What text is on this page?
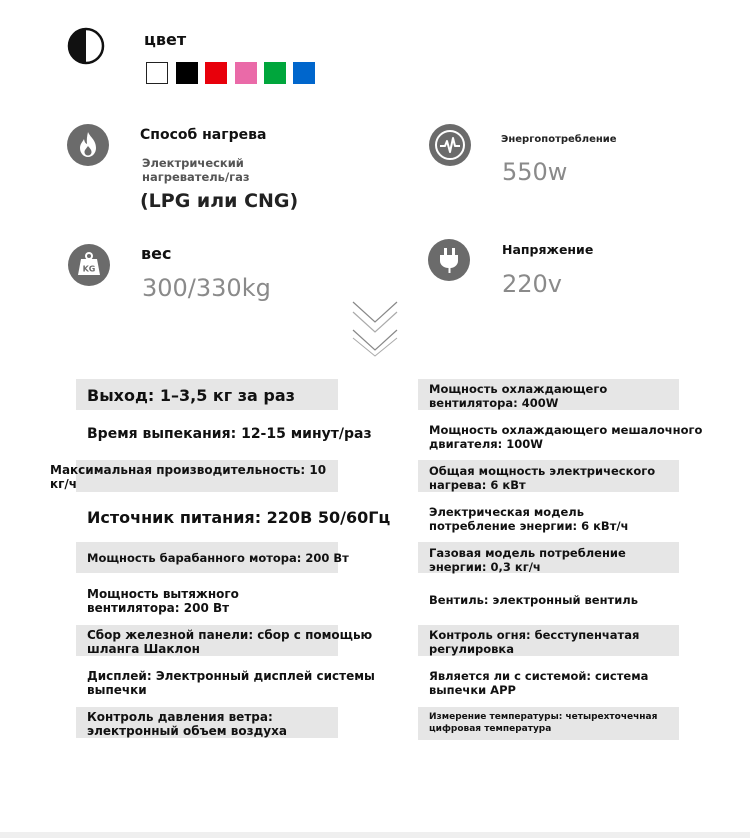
цвет
Способ нагрева
Электрический
нагреватель/газ
(LPG или CNG)
Энергопотребление
550w
KG
вес
300/330kg
Напряжение
220v
Выход: 1–3,5 кг за раз
Время выпекания: 12-15 минут/раз
Максимальная производительность: 10
кг/ч
Источник питания: 220В 50/60Гц
Мощность барабанного мотора: 200 Вт
Мощность вытяжного
вентилятора: 200 Вт
Сбор железной панели: сбор с помощью
шланга Шаклон
Дисплей: Электронный дисплей системы
выпечки
Контроль давления ветра:
электронный объем воздуха
Мощность охлаждающего
вентилятора: 400W
Мощность охлаждающего мешалочного
двигателя: 100W
Общая мощность электрического
нагрева: 6 кВт
Электрическая модель
потребление энергии: 6 кВт/ч
Газовая модель потребление
энергии: 0,3 кг/ч
Вентиль: электронный вентиль
Контроль огня: бесступенчатая
регулировка
Является ли с системой: система
выпечки APP
Измерение температуры: четырехточечная
цифровая температура
